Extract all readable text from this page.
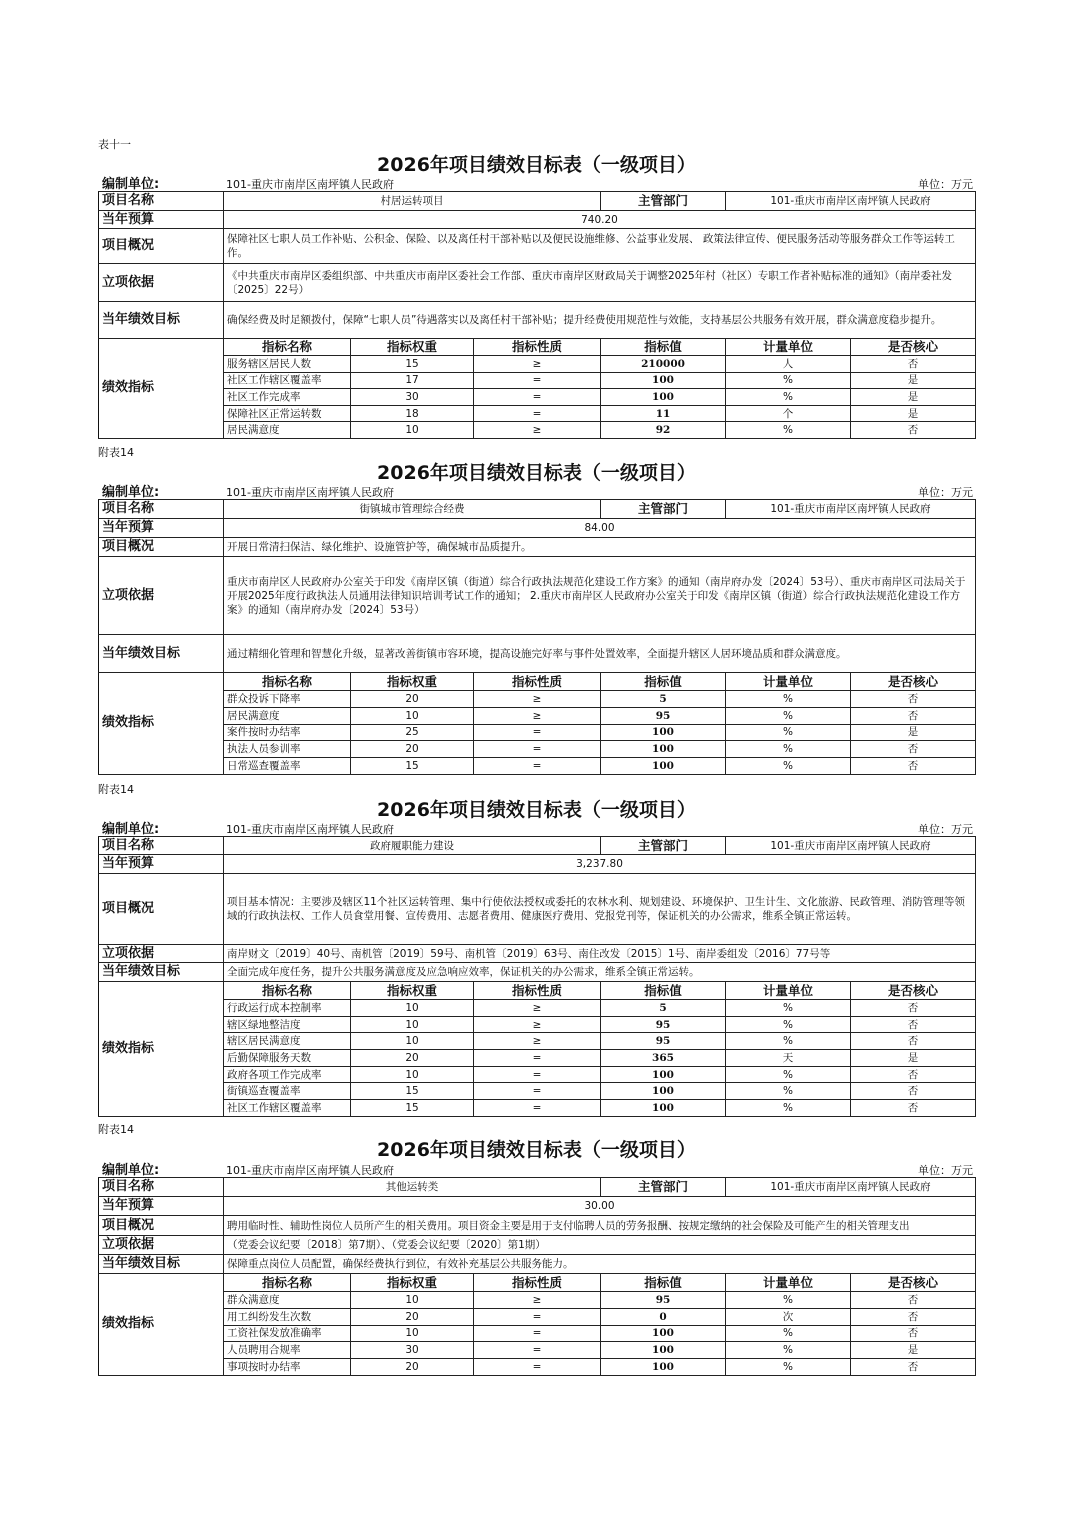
表十一
2026年项目绩效目标表（一级项目）
编制单位:	101-重庆市南岸区南坪镇人民政府	单位：万元
项目名称	村居运转项目			主管部门	101-重庆市南岸区南坪镇人民政府	
当年预算	740.20					
项目概况	保障社区七职人员工作补贴、公积金、保险、以及离任村干部补贴以及便民设施维修、公益事业发展、 政策法律宣传、便民服务活动等服务群众工作等运转工作。					
立项依据	《中共重庆市南岸区委组织部、中共重庆市南岸区委社会工作部、重庆市南岸区财政局关于调整2025年村（社区）专职工作者补贴标准的通知》（南岸委社发〔2025〕22号）					
当年绩效目标	确保经费及时足额拨付，保障“七职人员”待遇落实以及离任村干部补贴；提升经费使用规范性与效能，支持基层公共服务有效开展，群众满意度稳步提升。					
绩效指标	指标名称	指标权重	指标性质	指标值	计量单位	是否核心
	服务辖区居民人数	15	≥	210000	人	否
	社区工作辖区覆盖率	17	=	100	%	是
	社区工作完成率	30	=	100	%	是
	保障社区正常运转数	18	=	11	个	是
	居民满意度	10	≥	92	%	否
附表14
2026年项目绩效目标表（一级项目）
编制单位:	101-重庆市南岸区南坪镇人民政府	单位：万元
项目名称	街镇城市管理综合经费			主管部门	101-重庆市南岸区南坪镇人民政府	
当年预算	84.00					
项目概况	开展日常清扫保洁、绿化维护、设施管护等，确保城市品质提升。					
立项依据	重庆市南岸区人民政府办公室关于印发《南岸区镇（街道）综合行政执法规范化建设工作方案》的通知（南岸府办发〔2024〕53号）、重庆市南岸区司法局关于开展2025年度行政执法人员通用法律知识培训考试工作的通知； 2.重庆市南岸区人民政府办公室关于印发《南岸区镇（街道）综合行政执法规范化建设工作方案》的通知（南岸府办发〔2024〕53号）					
当年绩效目标	通过精细化管理和智慧化升级，显著改善街镇市容环境，提高设施完好率与事件处置效率，全面提升辖区人居环境品质和群众满意度。					
绩效指标	指标名称	指标权重	指标性质	指标值	计量单位	是否核心
	群众投诉下降率	20	≥	5	%	否
	居民满意度	10	≥	95	%	否
	案件按时办结率	25	=	100	%	是
	执法人员参训率	20	=	100	%	否
	日常巡查覆盖率	15	=	100	%	否
附表14
2026年项目绩效目标表（一级项目）
编制单位:	101-重庆市南岸区南坪镇人民政府	单位：万元
项目名称	政府履职能力建设			主管部门	101-重庆市南岸区南坪镇人民政府	
当年预算	3,237.80					
项目概况	项目基本情况：主要涉及辖区11个社区运转管理、集中行使依法授权或委托的农林水利、规划建设、环境保护、卫生计生、文化旅游、民政管理、消防管理等领域的行政执法权、工作人员食堂用餐、宣传费用、志愿者费用、健康医疗费用、党报党刊等，保证机关的办公需求，维系全镇正常运转。					
立项依据	南岸财文〔2019〕40号、南机管〔2019〕59号、南机管〔2019〕63号、南住改发〔2015〕1号、南岸委组发〔2016〕77号等					
当年绩效目标	全面完成年度任务，提升公共服务满意度及应急响应效率，保证机关的办公需求，维系全镇正常运转。					
绩效指标	指标名称	指标权重	指标性质	指标值	计量单位	是否核心
	行政运行成本控制率	10	≥	5	%	否
	辖区绿地整洁度	10	≥	95	%	否
	辖区居民满意度	10	≥	95	%	否
	后勤保障服务天数	20	=	365	天	是
	政府各项工作完成率	10	=	100	%	否
	街镇巡查覆盖率	15	=	100	%	否
	社区工作辖区覆盖率	15	=	100	%	否
附表14
2026年项目绩效目标表（一级项目）
编制单位:	101-重庆市南岸区南坪镇人民政府	单位：万元
项目名称	其他运转类			主管部门	101-重庆市南岸区南坪镇人民政府	
当年预算	30.00					
项目概况	聘用临时性、辅助性岗位人员所产生的相关费用。项目资金主要是用于支付临聘人员的劳务报酬、按规定缴纳的社会保险及可能产生的相关管理支出					
立项依据	（党委会议纪要〔2018〕第7期）、（党委会议纪要〔2020〕第1期）					
当年绩效目标	保障重点岗位人员配置，确保经费执行到位，有效补充基层公共服务能力。					
绩效指标	指标名称	指标权重	指标性质	指标值	计量单位	是否核心
	群众满意度	10	≥	95	%	否
	用工纠纷发生次数	20	=	0	次	否
	工资社保发放准确率	10	=	100	%	否
	人员聘用合规率	30	=	100	%	是
	事项按时办结率	20	=	100	%	否
